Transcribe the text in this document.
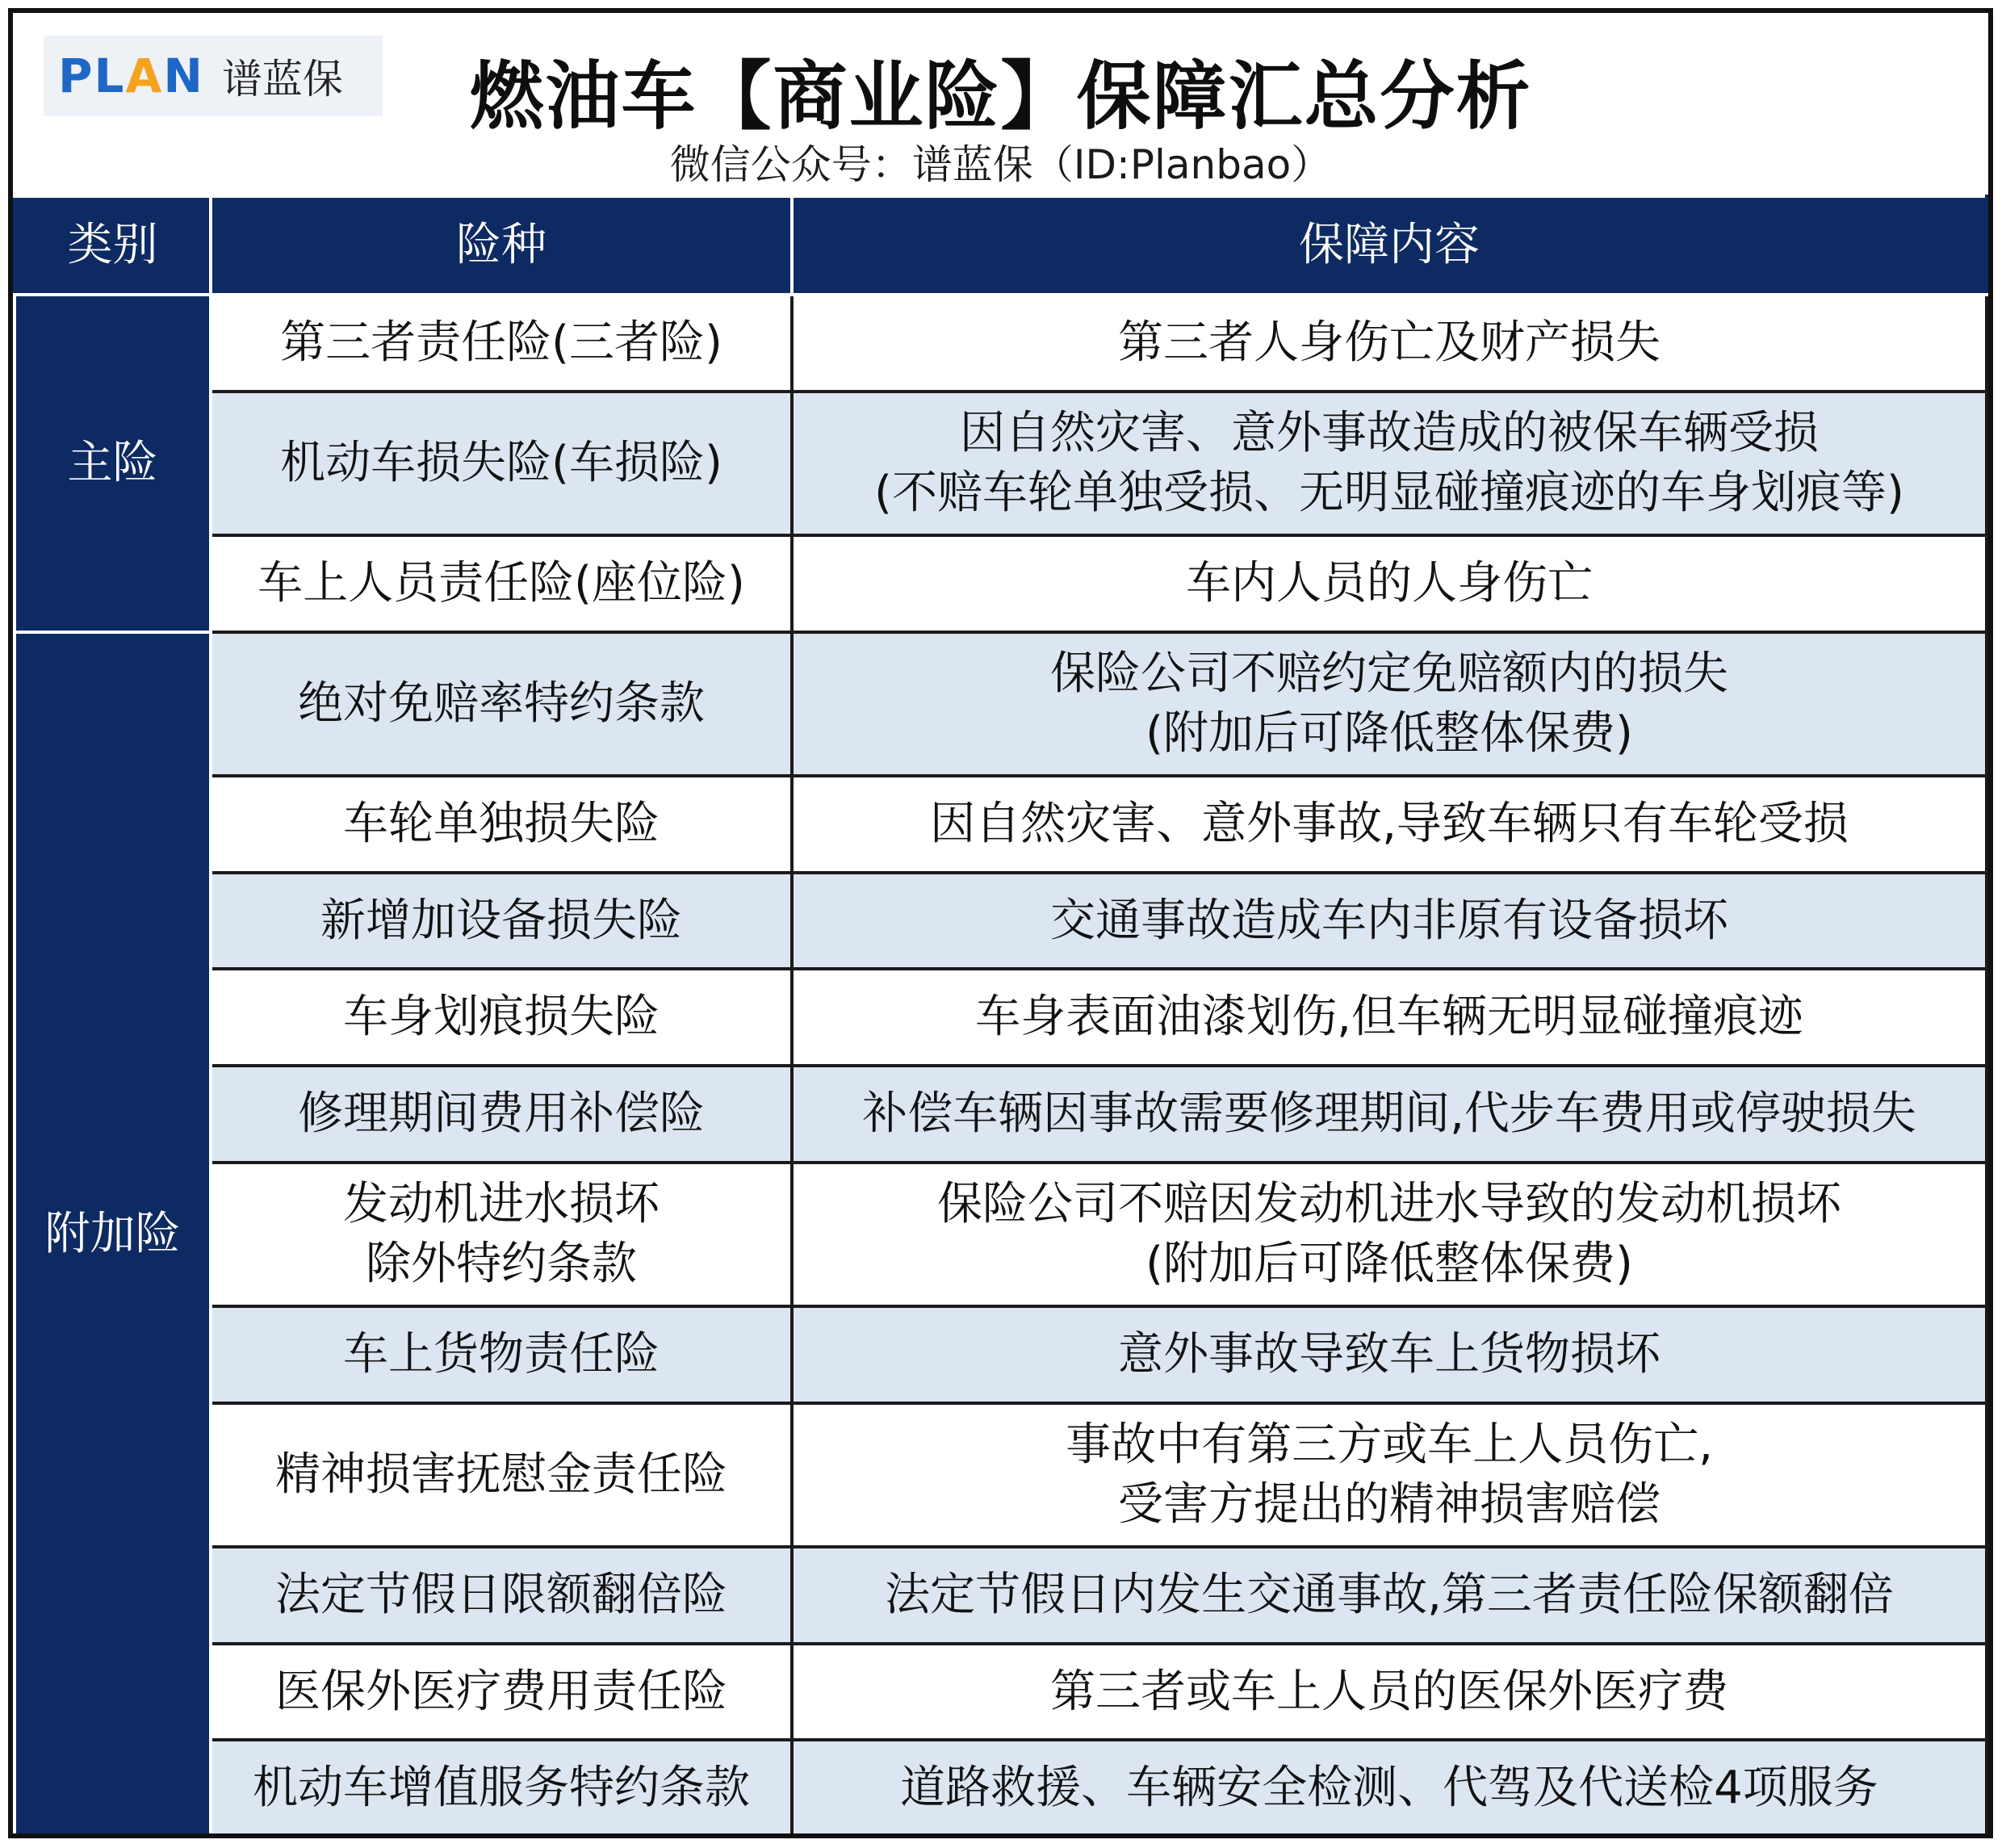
PLAN 谱蓝保	燃油车【商业险】保障汇总分析
微信公众号：谱蓝保（ID:Planbao）
类别	险种	保障内容
主险	第三者责任险(三者险)	第三者人身伤亡及财产损失

	机动车损失险(车损险)	因自然灾害、意外事故造成的被保车辆受损
(不赔车轮单独受损、无明显碰撞痕迹的车身划痕等)

	车上人员责任险(座位险)	车内人员的人身伤亡

附加险	绝对免赔率特约条款	保险公司不赔约定免赔额内的损失
(附加后可降低整体保费)

	车轮单独损失险	因自然灾害、意外事故,导致车辆只有车轮受损

	新增加设备损失险	交通事故造成车内非原有设备损坏

	车身划痕损失险	车身表面油漆划伤,但车辆无明显碰撞痕迹

	修理期间费用补偿险	补偿车辆因事故需要修理期间,代步车费用或停驶损失

	发动机进水损坏
除外特约条款	保险公司不赔因发动机进水导致的发动机损坏
(附加后可降低整体保费)

	车上货物责任险	意外事故导致车上货物损坏

	精神损害抚慰金责任险	事故中有第三方或车上人员伤亡,
受害方提出的精神损害赔偿

	法定节假日限额翻倍险	法定节假日内发生交通事故,第三者责任险保额翻倍

	医保外医疗费用责任险	第三者或车上人员的医保外医疗费

	机动车增值服务特约条款	道路救援、车辆安全检测、代驾及代送检4项服务
